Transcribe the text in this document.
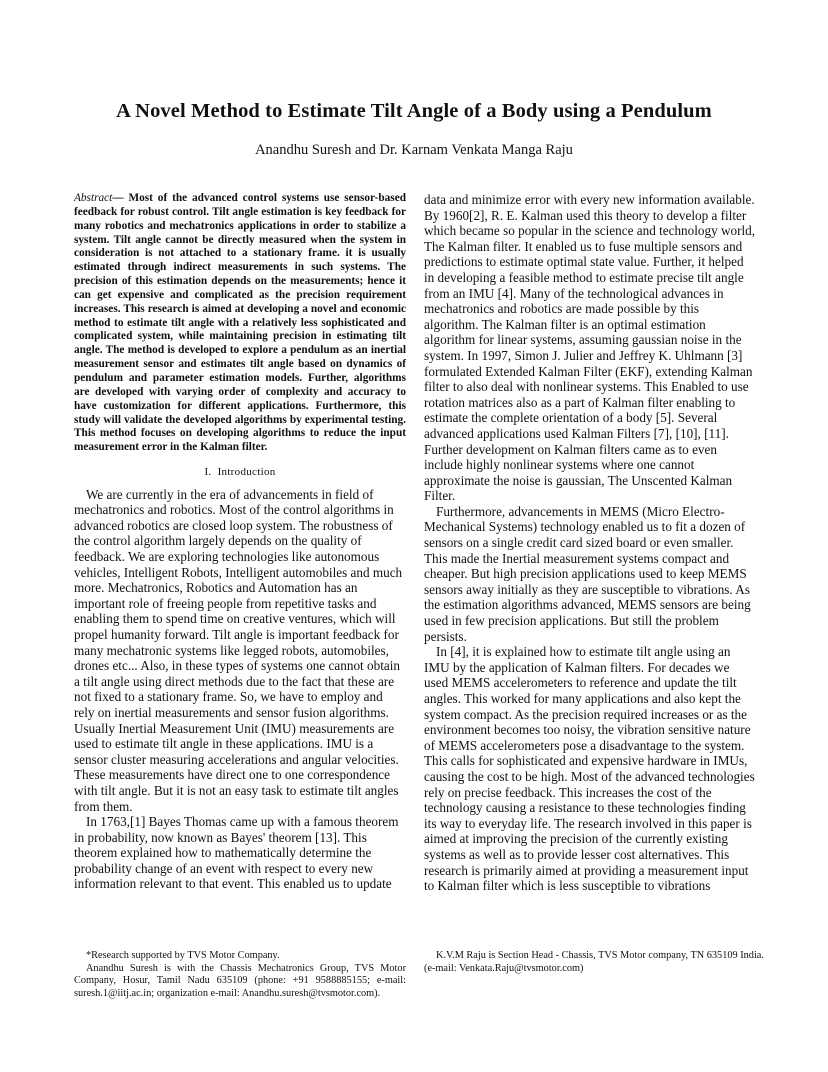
A Novel Method to Estimate Tilt Angle of a Body using a Pendulum
Anandhu Suresh and Dr. Karnam Venkata Manga Raju

Abstract— Most of the advanced control systems use sensor-based feedback for robust control. Tilt angle estimation is key feedback for many robotics and mechatronics applications in order to stabilize a system. Tilt angle cannot be directly measured when the system in consideration is not attached to a stationary frame. it is usually estimated through indirect measurements in such systems. The precision of this estimation depends on the measurements; hence it can get expensive and complicated as the precision requirement increases. This research is aimed at developing a novel and economic method to estimate tilt angle with a relatively less sophisticated and complicated system, while maintaining precision in estimating tilt angle. The method is developed to explore a pendulum as an inertial measurement sensor and estimates tilt angle based on dynamics of pendulum and parameter estimation models. Further, algorithms are developed with varying order of complexity and accuracy to have customization for different applications. Furthermore, this study will validate the developed algorithms by experimental testing. This method focuses on developing algorithms to reduce the input measurement error in the Kalman filter.

I. Introduction

We are currently in the era of advancements in field of mechatronics and robotics. Most of the control algorithms in advanced robotics are closed loop system. The robustness of the control algorithm largely depends on the quality of feedback. We are exploring technologies like autonomous vehicles, Intelligent Robots, Intelligent automobiles and much more. Mechatronics, Robotics and Automation has an important role of freeing people from repetitive tasks and enabling them to spend time on creative ventures, which will propel humanity forward. Tilt angle is important feedback for many mechatronic systems like legged robots, automobiles, drones etc... Also, in these types of systems one cannot obtain a tilt angle using direct methods due to the fact that these are not fixed to a stationary frame. So, we have to employ and rely on inertial measurements and sensor fusion algorithms. Usually Inertial Measurement Unit (IMU) measurements are used to estimate tilt angle in these applications. IMU is a sensor cluster measuring accelerations and angular velocities. These measurements have direct one to one correspondence with tilt angle. But it is not an easy task to estimate tilt angles from them.

In 1763,[1] Bayes Thomas came up with a famous theorem in probability, now known as Bayes' theorem [13]. This theorem explained how to mathematically determine the probability change of an event with respect to every new information relevant to that event. This enabled us to update

data and minimize error with every new information available. By 1960[2], R. E. Kalman used this theory to develop a filter which became so popular in the science and technology world, The Kalman filter. It enabled us to fuse multiple sensors and predictions to estimate optimal state value. Further, it helped in developing a feasible method to estimate precise tilt angle from an IMU [4]. Many of the technological advances in mechatronics and robotics are made possible by this algorithm. The Kalman filter is an optimal estimation algorithm for linear systems, assuming gaussian noise in the system. In 1997, Simon J. Julier and Jeffrey K. Uhlmann [3] formulated Extended Kalman Filter (EKF), extending Kalman filter to also deal with nonlinear systems. This Enabled to use rotation matrices also as a part of Kalman filter enabling to estimate the complete orientation of a body [5]. Several advanced applications used Kalman Filters [7], [10], [11]. Further development on Kalman filters came as to even include highly nonlinear systems where one cannot approximate the noise is gaussian, The Unscented Kalman Filter.

Furthermore, advancements in MEMS (Micro Electro-Mechanical Systems) technology enabled us to fit a dozen of sensors on a single credit card sized board or even smaller. This made the Inertial measurement systems compact and cheaper. But high precision applications used to keep MEMS sensors away initially as they are susceptible to vibrations. As the estimation algorithms advanced, MEMS sensors are being used in few precision applications. But still the problem persists.

In [4], it is explained how to estimate tilt angle using an IMU by the application of Kalman filters. For decades we used MEMS accelerometers to reference and update the tilt angles. This worked for many applications and also kept the system compact. As the precision required increases or as the environment becomes too noisy, the vibration sensitive nature of MEMS accelerometers pose a disadvantage to the system. This calls for sophisticated and expensive hardware in IMUs, causing the cost to be high. Most of the advanced technologies rely on precise feedback. This increases the cost of the technology causing a resistance to these technologies finding its way to everyday life. The research involved in this paper is aimed at improving the precision of the currently existing systems as well as to provide lesser cost alternatives. This research is primarily aimed at providing a measurement input to Kalman filter which is less susceptible to vibrations

*Research supported by TVS Motor Company.

Anandhu Suresh is with the Chassis Mechatronics Group, TVS Motor Company, Hosur, Tamil Nadu 635109 (phone: +91 9588885155; e-mail: suresh.1@iitj.ac.in; organization e-mail: Anandhu.suresh@tvsmotor.com).

K.V.M Raju is Section Head - Chassis, TVS Motor company, TN 635109 India. (e-mail: Venkata.Raju@tvsmotor.com)
